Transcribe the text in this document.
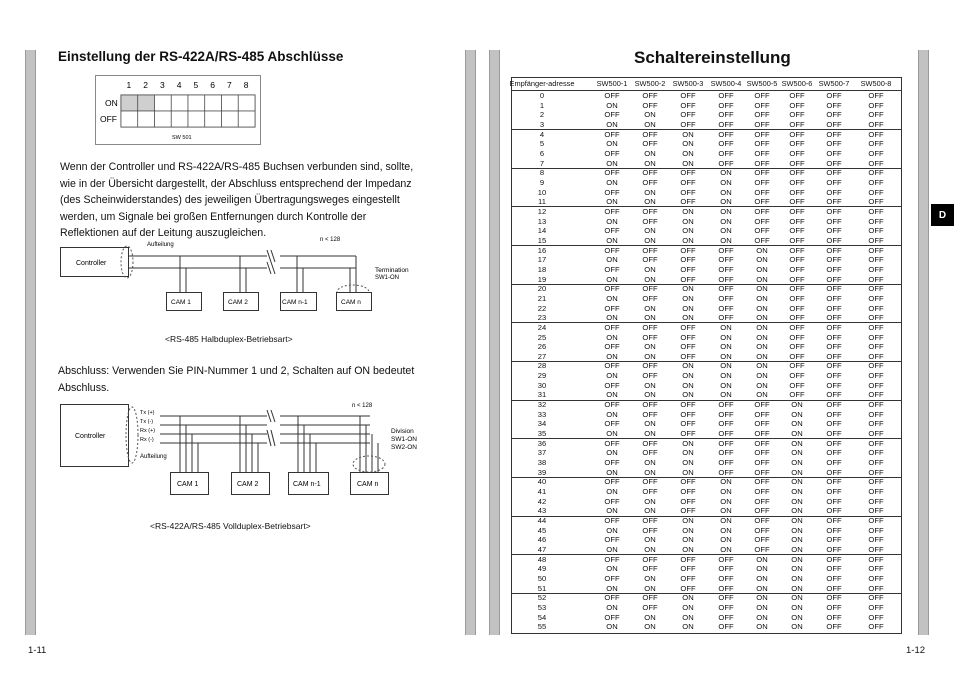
Einstellung der RS-422A/RS-485 Abschlüsse
1 2 3 4 5 6 7 8
ON
OFF
SW 501
Wenn der Controller und RS-422A/RS-485 Buchsen verbunden sind, sollte,
wie in der Übersicht dargestellt, der Abschluss entsprechend der Impedanz
(des Scheinwiderstandes) des jeweiligen Übertragungsweges eingestellt
werden, um Signale bei großen Entfernungen durch Kontrolle der
Reflektionen auf der Leitung auszugleichen.
Controller
Aufteilung
n < 128
Termination
SW1-ON
CAM 1	CAM 2	CAM n-1	CAM n
<RS-485 Halbduplex-Betriebsart>
Abschluss: Verwenden Sie PIN-Nummer 1 und 2, Schalten auf ON bedeutet
Abschluss.
Controller
Tx (+)
Tx (-)
Rx (+)
Rx (-)
Aufteilung
n < 128
Division
SW1-ON
SW2-ON
CAM 1	CAM 2	CAM n-1	CAM n
<RS-422A/RS-485 Vollduplex-Betriebsart>
1-11
Schaltereinstellung
Empfänger-adresse	SW500-1 SW500-2 SW500-3 SW500-4 SW500-5 SW500-6 SW500-7	SW500-8
0	OFF	OFF	OFF	OFF	OFF	OFF	OFF	OFF
1	ON	OFF	OFF	OFF	OFF	OFF	OFF	OFF
2	OFF	ON	OFF	OFF	OFF	OFF	OFF	OFF
3	ON	ON	OFF	OFF	OFF	OFF	OFF	OFF
4	OFF	OFF	ON	OFF	OFF	OFF	OFF	OFF
5	ON	OFF	ON	OFF	OFF	OFF	OFF	OFF
6	OFF	ON	ON	OFF	OFF	OFF	OFF	OFF
7	ON	ON	ON	OFF	OFF	OFF	OFF	OFF
8	OFF	OFF	OFF	ON	OFF	OFF	OFF	OFF
9	ON	OFF	OFF	ON	OFF	OFF	OFF	OFF
10	OFF	ON	OFF	ON	OFF	OFF	OFF	OFF
11	ON	ON	OFF	ON	OFF	OFF	OFF	OFF
12	OFF	OFF	ON	ON	OFF	OFF	OFF	OFF
13	ON	OFF	ON	ON	OFF	OFF	OFF	OFF
14	OFF	ON	ON	ON	OFF	OFF	OFF	OFF
15	ON	ON	ON	ON	OFF	OFF	OFF	OFF
16	OFF	OFF	OFF	OFF	ON	OFF	OFF	OFF
17	ON	OFF	OFF	OFF	ON	OFF	OFF	OFF
18	OFF	ON	OFF	OFF	ON	OFF	OFF	OFF
19	ON	ON	OFF	OFF	ON	OFF	OFF	OFF
20	OFF	OFF	ON	OFF	ON	OFF	OFF	OFF
21	ON	OFF	ON	OFF	ON	OFF	OFF	OFF
22	OFF	ON	ON	OFF	ON	OFF	OFF	OFF
23	ON	ON	ON	OFF	ON	OFF	OFF	OFF
24	OFF	OFF	OFF	ON	ON	OFF	OFF	OFF
25	ON	OFF	OFF	ON	ON	OFF	OFF	OFF
26	OFF	ON	OFF	ON	ON	OFF	OFF	OFF
27	ON	ON	OFF	ON	ON	OFF	OFF	OFF
28	OFF	OFF	ON	ON	ON	OFF	OFF	OFF
29	ON	OFF	ON	ON	ON	OFF	OFF	OFF
30	OFF	ON	ON	ON	ON	OFF	OFF	OFF
31	ON	ON	ON	ON	ON	OFF	OFF	OFF
32	OFF	OFF	OFF	OFF	OFF	ON	OFF	OFF
33	ON	OFF	OFF	OFF	OFF	ON	OFF	OFF
34	OFF	ON	OFF	OFF	OFF	ON	OFF	OFF
35	ON	ON	OFF	OFF	OFF	ON	OFF	OFF
36	OFF	OFF	ON	OFF	OFF	ON	OFF	OFF
37	ON	OFF	ON	OFF	OFF	ON	OFF	OFF
38	OFF	ON	ON	OFF	OFF	ON	OFF	OFF
39	ON	ON	ON	OFF	OFF	ON	OFF	OFF
40	OFF	OFF	OFF	ON	OFF	ON	OFF	OFF
41	ON	OFF	OFF	ON	OFF	ON	OFF	OFF
42	OFF	ON	OFF	ON	OFF	ON	OFF	OFF
43	ON	ON	OFF	ON	OFF	ON	OFF	OFF
44	OFF	OFF	ON	ON	OFF	ON	OFF	OFF
45	ON	OFF	ON	ON	OFF	ON	OFF	OFF
46	OFF	ON	ON	ON	OFF	ON	OFF	OFF
47	ON	ON	ON	ON	OFF	ON	OFF	OFF
48	OFF	OFF	OFF	OFF	ON	ON	OFF	OFF
49	ON	OFF	OFF	OFF	ON	ON	OFF	OFF
50	OFF	ON	OFF	OFF	ON	ON	OFF	OFF
51	ON	ON	OFF	OFF	ON	ON	OFF	OFF
52	OFF	OFF	ON	OFF	ON	ON	OFF	OFF
53	ON	OFF	ON	OFF	ON	ON	OFF	OFF
54	OFF	ON	ON	OFF	ON	ON	OFF	OFF
55	ON	ON	ON	OFF	ON	ON	OFF	OFF
D
1-12
